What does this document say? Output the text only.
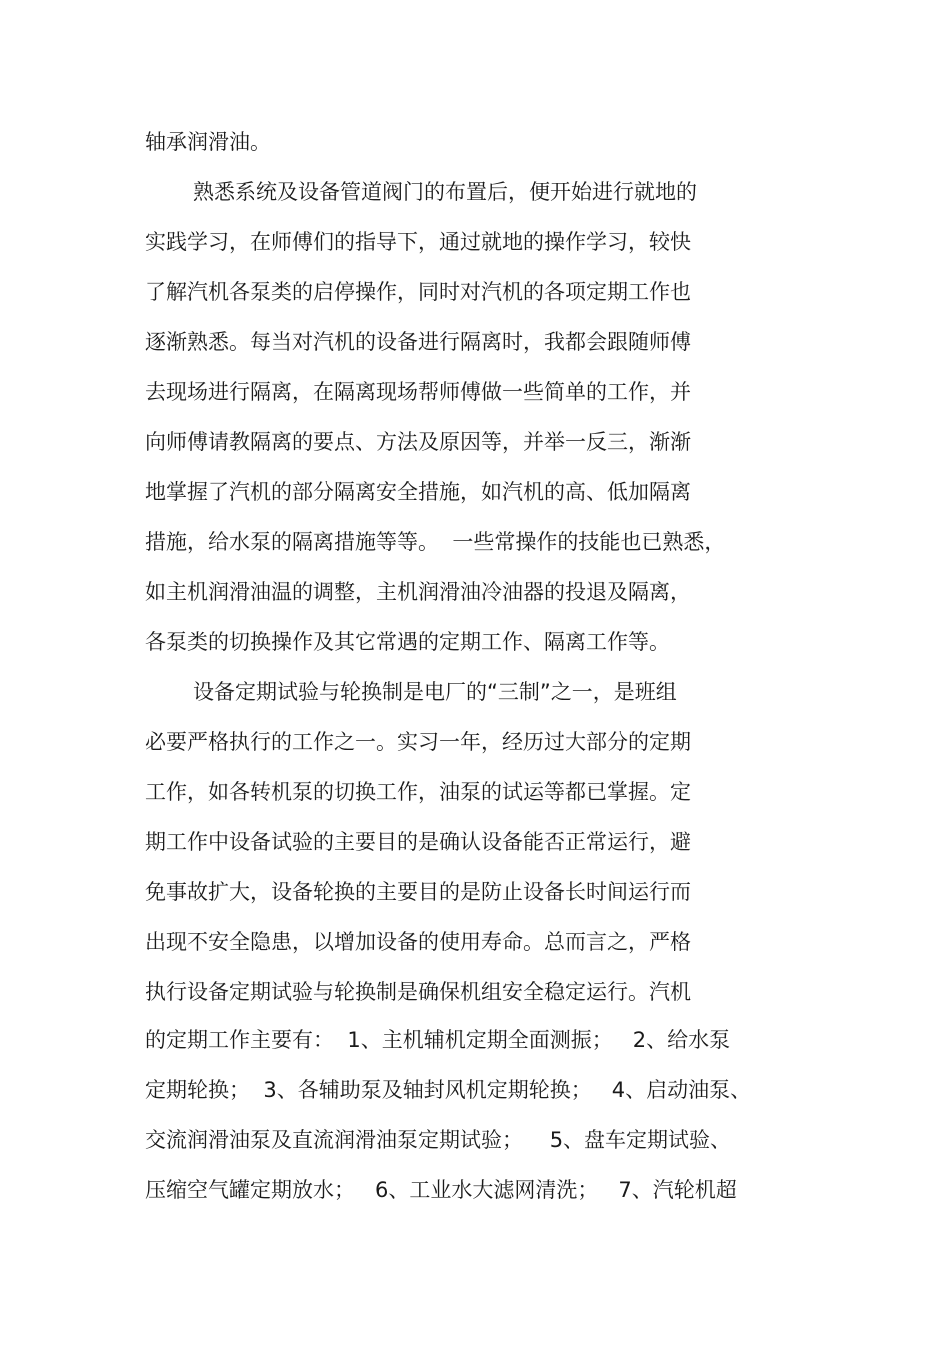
轴承润滑油。
熟悉系统及设备管道阀门的布置后，便开始进行就地的
实践学习，在师傅们的指导下，通过就地的操作学习，较快
了解汽机各泵类的启停操作，同时对汽机的各项定期工作也
逐渐熟悉。每当对汽机的设备进行隔离时，我都会跟随师傅
去现场进行隔离，在隔离现场帮师傅做一些简单的工作，并
向师傅请教隔离的要点、方法及原因等，并举一反三，渐渐
地掌握了汽机的部分隔离安全措施，如汽机的高、低加隔离
措施，给水泵的隔离措施等等。  一些常操作的技能也已熟悉，
如主机润滑油温的调整，主机润滑油冷油器的投退及隔离，
各泵类的切换操作及其它常遇的定期工作、隔离工作等。
设备定期试验与轮换制是电厂的“三制”之一，是班组
必要严格执行的工作之一。实习一年，经历过大部分的定期
工作，如各转机泵的切换工作，油泵的试运等都已掌握。定
期工作中设备试验的主要目的是确认设备能否正常运行，避
免事故扩大，设备轮换的主要目的是防止设备长时间运行而
出现不安全隐患，以增加设备的使用寿命。总而言之，严格
执行设备定期试验与轮换制是确保机组安全稳定运行。汽机
的定期工作主要有：  1、主机辅机定期全面测振；   2、给水泵
定期轮换；  3、各辅助泵及轴封风机定期轮换；   4、启动油泵、
交流润滑油泵及直流润滑油泵定期试验；    5、盘车定期试验、
压缩空气罐定期放水；   6、工业水大滤网清洗；   7、汽轮机超
